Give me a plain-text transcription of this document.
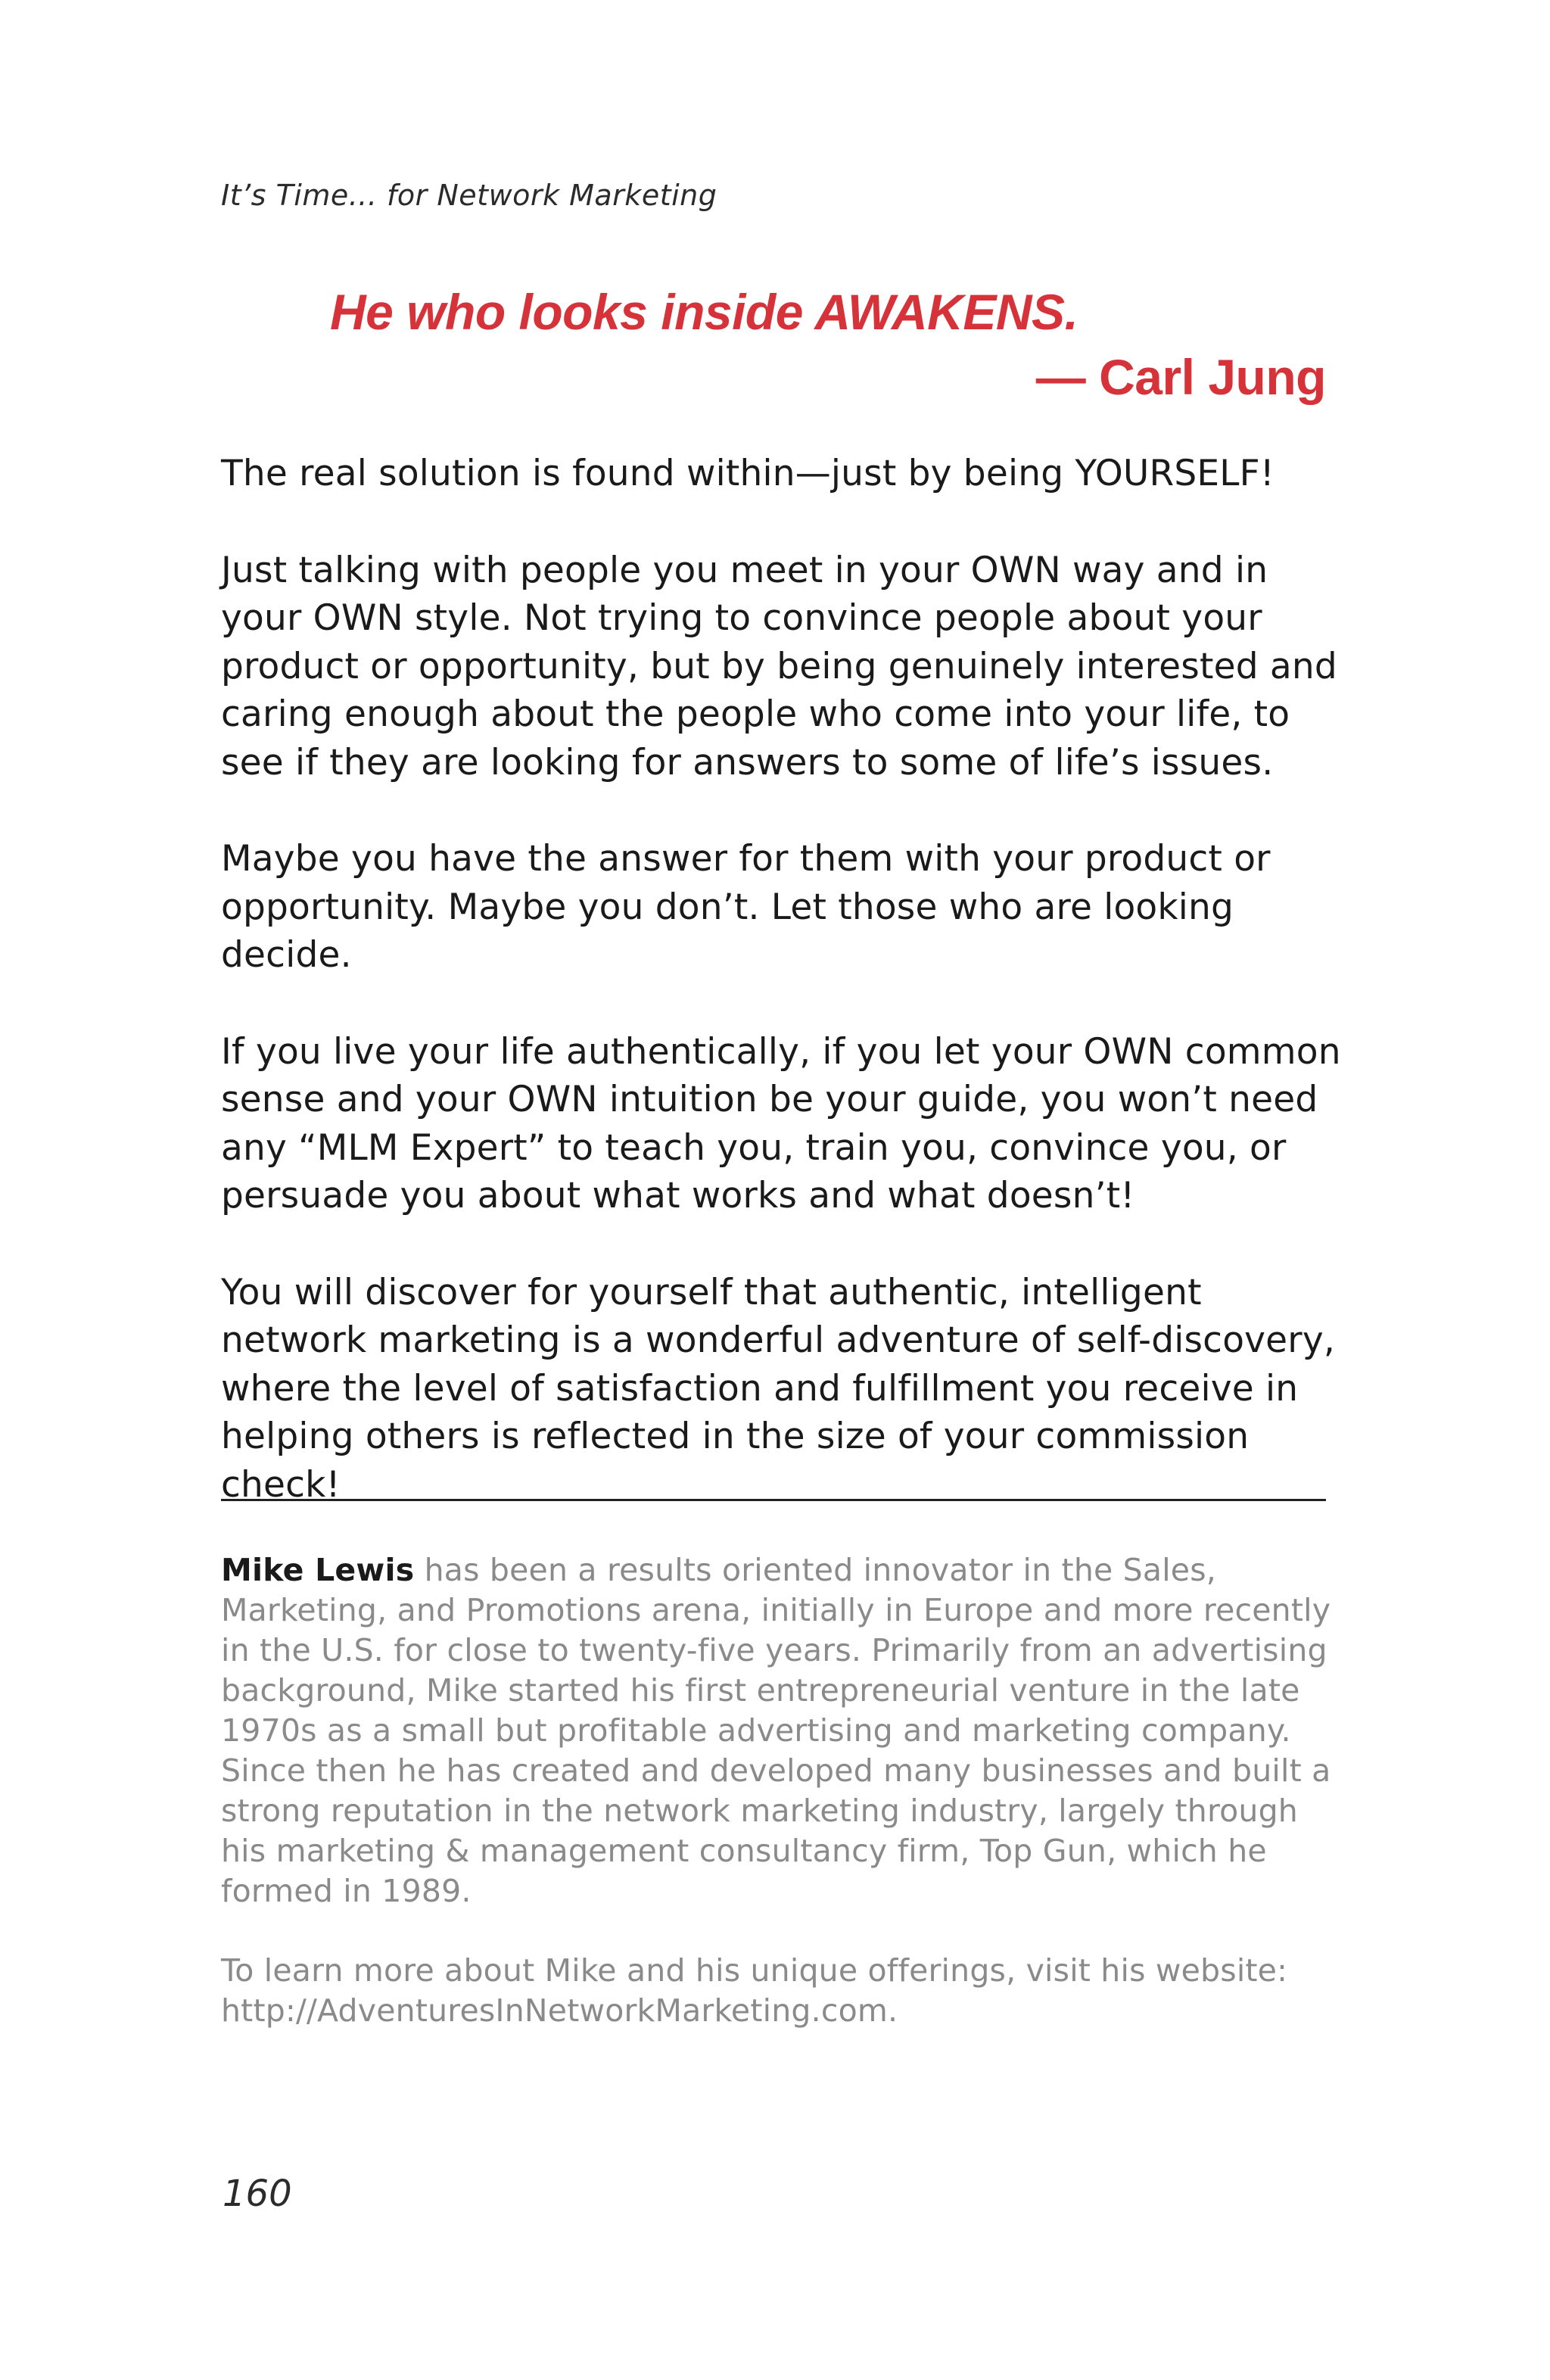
It’s Time... for Network Marketing
He who looks inside AWAKENS.
— Carl Jung

The real solution is found within—just by being YOURSELF!

Just talking with people you meet in your OWN way and in your OWN style. Not trying to convince people about your product or opportunity, but by being genuinely interested and caring enough about the people who come into your life, to see if they are looking for answers to some of life’s issues.

Maybe you have the answer for them with your product or opportunity. Maybe you don’t. Let those who are looking decide.

If you live your life authentically, if you let your OWN common sense and your OWN intuition be your guide, you won’t need any “MLM Expert” to teach you, train you, convince you, or persuade you about what works and what doesn’t!

You will discover for yourself that authentic, intelligent network marketing is a wonderful adventure of self-discovery, where the level of satisfaction and fulfillment you receive in helping others is reflected in the size of your commission check!

Mike Lewis has been a results oriented innovator in the Sales, Marketing, and Promotions arena, initially in Europe and more recently in the U.S. for close to twenty-five years. Primarily from an advertising background, Mike started his first entrepreneurial venture in the late 1970s as a small but profitable advertising and marketing company. Since then he has created and developed many businesses and built a strong reputation in the network marketing industry, largely through his marketing & management consultancy firm, Top Gun, which he formed in 1989.

To learn more about Mike and his unique offerings, visit his website: http://AdventuresInNetworkMarketing.com.

160
